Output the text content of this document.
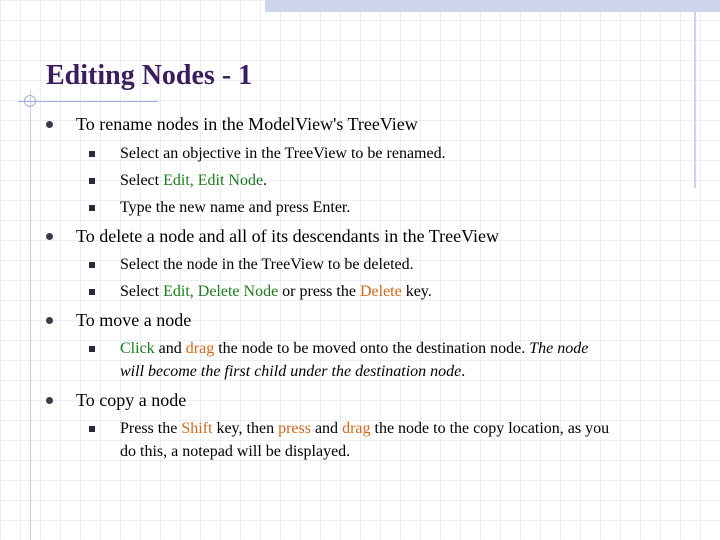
Editing Nodes - 1
To rename nodes in the ModelView's TreeView
Select an objective in the TreeView to be renamed.
Select Edit, Edit Node.
Type the new name and press Enter.
To delete a node and all of its descendants in the TreeView
Select the node in the TreeView to be deleted.
Select Edit, Delete Node or press the Delete key.
To move a node
Click and drag the node to be moved onto the destination node. The node
will become the first child under the destination node.
To copy a node
Press the Shift key, then press and drag the node to the copy location, as you
do this, a notepad will be displayed.
